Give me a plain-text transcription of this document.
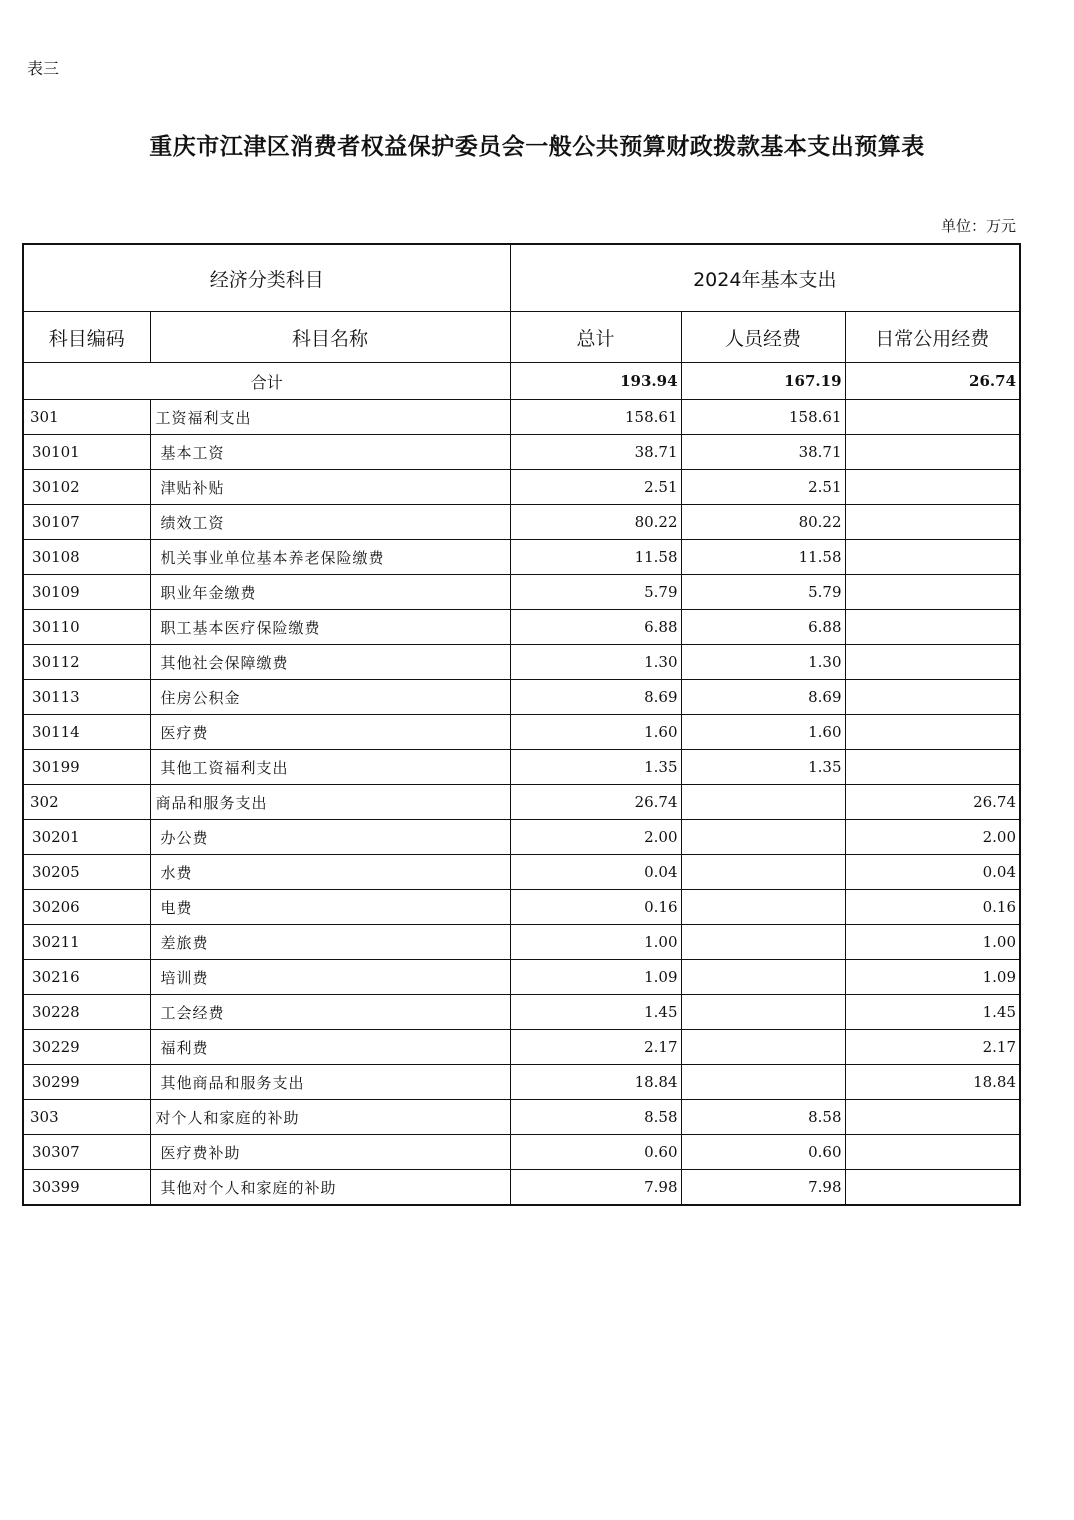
表三
重庆市江津区消费者权益保护委员会一般公共预算财政拨款基本支出预算表
单位：万元
经济分类科目		2024年基本支出		
科目编码	科目名称	总计	人员经费	日常公用经费
合计		193.94	167.19	26.74
301	工资福利支出	158.61	158.61	
30101	基本工资	38.71	38.71	
30102	津贴补贴	2.51	2.51	
30107	绩效工资	80.22	80.22	
30108	机关事业单位基本养老保险缴费	11.58	11.58	
30109	职业年金缴费	5.79	5.79	
30110	职工基本医疗保险缴费	6.88	6.88	
30112	其他社会保障缴费	1.30	1.30	
30113	住房公积金	8.69	8.69	
30114	医疗费	1.60	1.60	
30199	其他工资福利支出	1.35	1.35	
302	商品和服务支出	26.74		26.74
30201	办公费	2.00		2.00
30205	水费	0.04		0.04
30206	电费	0.16		0.16
30211	差旅费	1.00		1.00
30216	培训费	1.09		1.09
30228	工会经费	1.45		1.45
30229	福利费	2.17		2.17
30299	其他商品和服务支出	18.84		18.84
303	对个人和家庭的补助	8.58	8.58	
30307	医疗费补助	0.60	0.60	
30399	其他对个人和家庭的补助	7.98	7.98	
